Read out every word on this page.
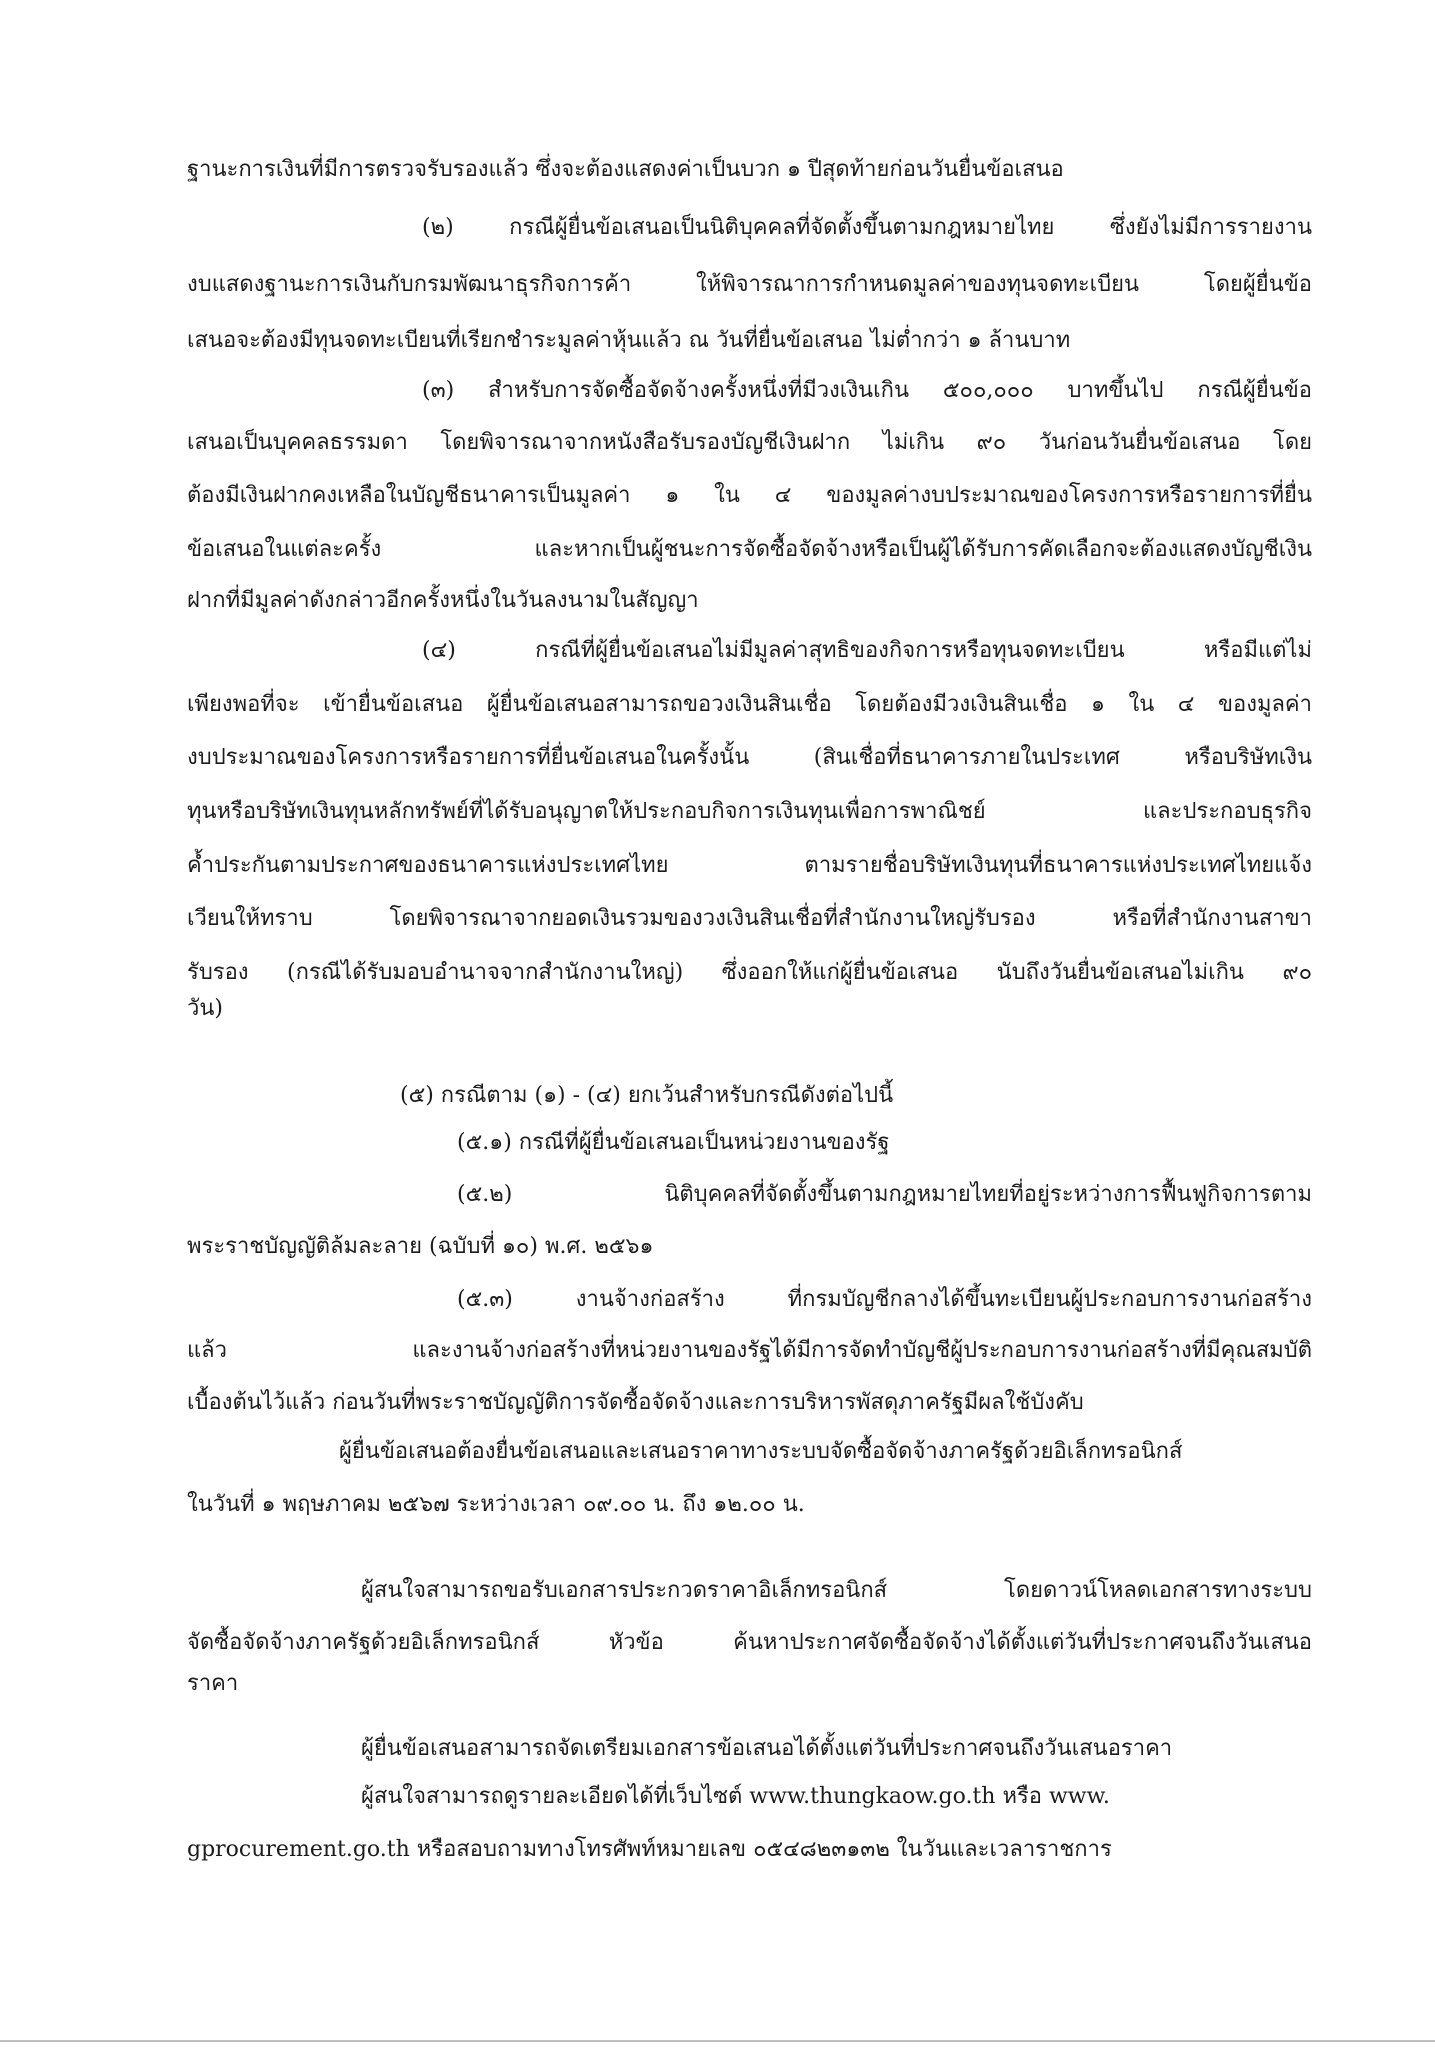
ฐานะการเงินที่มีการตรวจรับรองแล้ว ซึ่งจะต้องแสดงค่าเป็นบวก ๑ ปีสุดท้ายก่อนวันยื่นข้อเสนอ
(๒) กรณีผู้ยื่นข้อเสนอเป็นนิติบุคคลที่จัดตั้งขึ้นตามกฎหมายไทย ซึ่งยังไม่มีการรายงาน
งบแสดงฐานะการเงินกับกรมพัฒนาธุรกิจการค้า ให้พิจารณาการกำหนดมูลค่าของทุนจดทะเบียน โดยผู้ยื่นข้อ
เสนอจะต้องมีทุนจดทะเบียนที่เรียกชำระมูลค่าหุ้นแล้ว ณ วันที่ยื่นข้อเสนอ ไม่ต่ำกว่า ๑ ล้านบาท
(๓) สำหรับการจัดซื้อจัดจ้างครั้งหนึ่งที่มีวงเงินเกิน ๕๐๐,๐๐๐ บาทขึ้นไป กรณีผู้ยื่นข้อ
เสนอเป็นบุคคลธรรมดา โดยพิจารณาจากหนังสือรับรองบัญชีเงินฝาก ไม่เกิน ๙๐ วันก่อนวันยื่นข้อเสนอ โดย
ต้องมีเงินฝากคงเหลือในบัญชีธนาคารเป็นมูลค่า ๑ ใน ๔ ของมูลค่างบประมาณของโครงการหรือรายการที่ยื่น
ข้อเสนอในแต่ละครั้ง และหากเป็นผู้ชนะการจัดซื้อจัดจ้างหรือเป็นผู้ได้รับการคัดเลือกจะต้องแสดงบัญชีเงิน
ฝากที่มีมูลค่าดังกล่าวอีกครั้งหนึ่งในวันลงนามในสัญญา
(๔) กรณีที่ผู้ยื่นข้อเสนอไม่มีมูลค่าสุทธิของกิจการหรือทุนจดทะเบียน หรือมีแต่ไม่
เพียงพอที่จะ เข้ายื่นข้อเสนอ ผู้ยื่นข้อเสนอสามารถขอวงเงินสินเชื่อ โดยต้องมีวงเงินสินเชื่อ ๑ ใน ๔ ของมูลค่า
งบประมาณของโครงการหรือรายการที่ยื่นข้อเสนอในครั้งนั้น (สินเชื่อที่ธนาคารภายในประเทศ หรือบริษัทเงิน
ทุนหรือบริษัทเงินทุนหลักทรัพย์ที่ได้รับอนุญาตให้ประกอบกิจการเงินทุนเพื่อการพาณิชย์ และประกอบธุรกิจ
ค้ำประกันตามประกาศของธนาคารแห่งประเทศไทย ตามรายชื่อบริษัทเงินทุนที่ธนาคารแห่งประเทศไทยแจ้ง
เวียนให้ทราบ โดยพิจารณาจากยอดเงินรวมของวงเงินสินเชื่อที่สำนักงานใหญ่รับรอง หรือที่สำนักงานสาขา
รับรอง (กรณีได้รับมอบอำนาจจากสำนักงานใหญ่) ซึ่งออกให้แก่ผู้ยื่นข้อเสนอ นับถึงวันยื่นข้อเสนอไม่เกิน ๙๐
วัน)
(๕) กรณีตาม (๑) - (๔) ยกเว้นสำหรับกรณีดังต่อไปนี้
(๕.๑) กรณีที่ผู้ยื่นข้อเสนอเป็นหน่วยงานของรัฐ
(๕.๒) นิติบุคคลที่จัดตั้งขึ้นตามกฎหมายไทยที่อยู่ระหว่างการฟื้นฟูกิจการตาม
พระราชบัญญัติล้มละลาย (ฉบับที่ ๑๐) พ.ศ. ๒๕๖๑
(๕.๓) งานจ้างก่อสร้าง ที่กรมบัญชีกลางได้ขึ้นทะเบียนผู้ประกอบการงานก่อสร้าง
แล้ว และงานจ้างก่อสร้างที่หน่วยงานของรัฐได้มีการจัดทำบัญชีผู้ประกอบการงานก่อสร้างที่มีคุณสมบัติ
เบื้องต้นไว้แล้ว ก่อนวันที่พระราชบัญญัติการจัดซื้อจัดจ้างและการบริหารพัสดุภาครัฐมีผลใช้บังคับ
ผู้ยื่นข้อเสนอต้องยื่นข้อเสนอและเสนอราคาทางระบบจัดซื้อจัดจ้างภาครัฐด้วยอิเล็กทรอนิกส์
ในวันที่ ๑ พฤษภาคม ๒๕๖๗ ระหว่างเวลา ๐๙.๐๐ น. ถึง ๑๒.๐๐ น.
ผู้สนใจสามารถขอรับเอกสารประกวดราคาอิเล็กทรอนิกส์ โดยดาวน์โหลดเอกสารทางระบบ
จัดซื้อจัดจ้างภาครัฐด้วยอิเล็กทรอนิกส์ หัวข้อ ค้นหาประกาศจัดซื้อจัดจ้างได้ตั้งแต่วันที่ประกาศจนถึงวันเสนอ
ราคา
ผู้ยื่นข้อเสนอสามารถจัดเตรียมเอกสารข้อเสนอได้ตั้งแต่วันที่ประกาศจนถึงวันเสนอราคา
ผู้สนใจสามารถดูรายละเอียดได้ที่เว็บไซต์ www.thungkaow.go.th หรือ www.
gprocurement.go.th หรือสอบถามทางโทรศัพท์หมายเลข ๐๕๔๘๒๓๑๓๒ ในวันและเวลาราชการ
